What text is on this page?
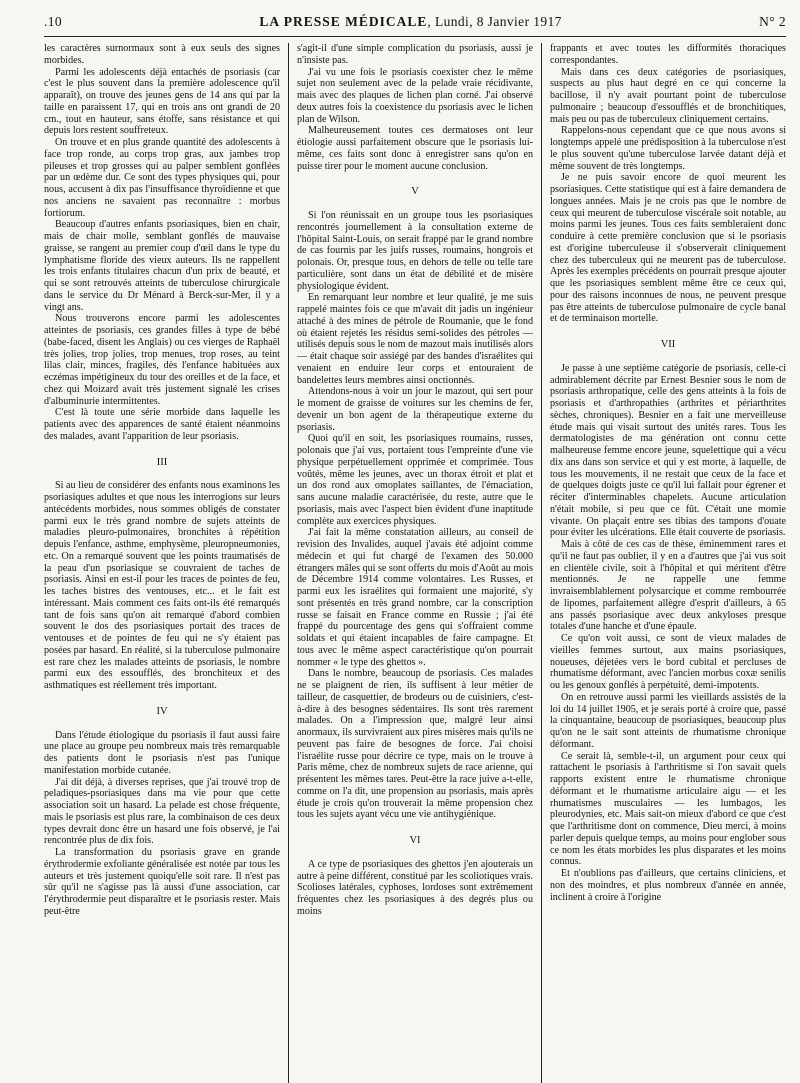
.10	LA PRESSE MÉDICALE, Lundi, 8 Janvier 1917	N° 2

les caractères surnormaux sont à eux seuls des signes morbides.

Parmi les adolescents déjà entachés de psoriasis (car c'est le plus souvent dans la première adolescence qu'il apparaît), on trouve des jeunes gens de 14 ans qui par la taille en paraissent 17, qui en trois ans ont grandi de 20 cm., tout en hauteur, sans étoffe, sans résistance et qui depuis lors restent souffreteux.

On trouve et en plus grande quantité des adolescents à face trop ronde, au corps trop gras, aux jambes trop pileuses et trop grosses qui au palper semblent gonflées par un œdème dur. Ce sont des types physiques qui, pour nous, accusent à dix pas l'insuffisance thyroïdienne et que nos anciens ne savaient pas reconnaître : morbus fortiorum.

Beaucoup d'autres enfants psoriasiques, bien en chair, mais de chair molle, semblant gonflés de mauvaise graisse, se rangent au premier coup d'œil dans le type du lymphatisme floride des vieux auteurs. Ils ne rappellent les trois enfants titulaires chacun d'un prix de beauté, et qui se sont retrouvés atteints de tuberculose chirurgicale dans le service du Dr Ménard à Berck-sur-Mer, il y a vingt ans.

Nous trouverons encore parmi les adolescentes atteintes de psoriasis, ces grandes filles à type de bébé (babe-faced, disent les Anglais) ou ces vierges de Raphaël très jolies, trop jolies, trop menues, trop roses, au teint lilas clair, minces, fragiles, dès l'enfance habituées aux eczémas impétigineux du tour des oreilles et de la face, et chez qui Moizard avait très justement signalé les crises d'albuminurie intermittentes.

C'est là toute une série morbide dans laquelle les patients avec des apparences de santé étaient néanmoins des malades, avant l'apparition de leur psoriasis.

III

Si au lieu de considérer des enfants nous examinons les psoriasiques adultes et que nous les interrogions sur leurs antécédents morbides, nous sommes obligés de constater parmi eux le très grand nombre de sujets atteints de maladies pleuro-pulmonaires, bronchites à répétition depuis l'enfance, asthme, emphysème, pleuropneumonies, etc. On a remarqué souvent que les points traumatisés de la peau d'un psoriasique se couvraient de taches de psoriasis. Ainsi en est-il pour les traces de pointes de feu, les taches bistres des ventouses, etc... et le fait est intéressant. Mais comment ces faits ont-ils été remarqués tant de fois sans qu'on ait remarqué d'abord combien souvent le dos des psoriasiques portait des traces de ventouses et de pointes de feu qui ne s'y étaient pas posées par hasard. En réalité, si la tuberculose pulmonaire est rare chez les malades atteints de psoriasis, le nombre parmi eux des essoufflés, des bronchiteux et des asthmatiques est réellement très important.

IV

Dans l'étude étiologique du psoriasis il faut aussi faire une place au groupe peu nombreux mais très remarquable des patients dont le psoriasis n'est pas l'unique manifestation morbide cutanée.

J'ai dit déjà, à diverses reprises, que j'ai trouvé trop de peladiques-psoriasiques dans ma vie pour que cette association soit un hasard. La pelade est chose fréquente, mais le psoriasis est plus rare, la combinaison de ces deux types devrait donc être un hasard une fois observé, je l'ai rencontrée plus de dix fois.

La transformation du psoriasis grave en grande érythrodermie exfoliante généralisée est notée par tous les auteurs et très justement quoiqu'elle soit rare. Il n'est pas sûr qu'il ne s'agisse pas là aussi d'une association, car l'érythrodermie peut disparaître et le psoriasis rester. Mais peut-être

s'agit-il d'une simple complication du psoriasis, aussi je n'insiste pas.

J'ai vu une fois le psoriasis coexister chez le même sujet non seulement avec de la pelade vraie récidivante, mais avec des plaques de lichen plan corné. J'ai observé deux autres fois la coexistence du psoriasis avec le lichen plan de Wilson.

Malheureusement toutes ces dermatoses ont leur étiologie aussi parfaitement obscure que le psoriasis lui-même, ces faits sont donc à enregistrer sans qu'on en puisse tirer pour le moment aucune conclusion.

V

Si l'on réunissait en un groupe tous les psoriasiques rencontrés journellement à la consultation externe de l'hôpital Saint-Louis, on serait frappé par le grand nombre de cas fournis par les juifs russes, roumains, hongrois et polonais. Or, presque tous, en dehors de telle ou telle tare particulière, sont dans un état de débilité et de misère physiologique évident.

En remarquant leur nombre et leur qualité, je me suis rappelé maintes fois ce que m'avait dit jadis un ingénieur attaché à des mines de pétrole de Roumanie, que le fond où étaient rejetés les résidus semi-solides des pétroles — utilisés depuis sous le nom de mazout mais inutilisés alors — était chaque soir assiégé par des bandes d'israélites qui venaient en enduire leur corps et entouraient de bandelettes leurs membres ainsi onctionnés.

Attendons-nous à voir un jour le mazout, qui sert pour le moment de graisse de voitures sur les chemins de fer, devenir un bon agent de la thérapeutique externe du psoriasis.

Quoi qu'il en soit, les psoriasiques roumains, russes, polonais que j'ai vus, portaient tous l'empreinte d'une vie physique perpétuellement opprimée et comprimée. Tous voûtés, même les jeunes, avec un thorax étroit et plat et un dos rond aux omoplates saillantes, de l'émaciation, sans aucune maladie caractérisée, du reste, autre que le psoriasis, mais avec l'aspect bien évident d'une inaptitude complète aux exercices physiques.

J'ai fait la même constatation ailleurs, au conseil de revision des Invalides, auquel j'avais été adjoint comme médecin et qui fut chargé de l'examen des 50.000 étrangers mâles qui se sont offerts du mois d'Août au mois de Décembre 1914 comme volontaires. Les Russes, et parmi eux les israélites qui formaient une majorité, s'y sont présentés en très grand nombre, car la conscription russe se faisait en France comme en Russie ; j'ai été frappé du pourcentage des gens qui s'offraient comme soldats et qui étaient incapables de faire campagne. Et tous avec le même aspect caractéristique qu'on pourrait nommer « le type des ghettos ».

Dans le nombre, beaucoup de psoriasis. Ces malades ne se plaignent de rien, ils suffisent à leur métier de tailleur, de casquettier, de brodeurs ou de cuisiniers, c'est-à-dire à des besognes sédentaires. Ils sont très rarement malades. On a l'impression que, malgré leur ainsi anormaux, ils survivraient aux pires misères mais qu'ils ne peuvent pas faire de besognes de force. J'ai choisi l'israélite russe pour décrire ce type, mais on le trouve à Paris même, chez de nombreux sujets de race arienne, qui présentent les mêmes tares. Peut-être la race juive a-t-elle, comme on l'a dit, une propension au psoriasis, mais après étude je crois qu'on trouverait la même propension chez tous les sujets ayant vécu une vie antihygiénique.

VI

A ce type de psoriasiques des ghettos j'en ajouterais un autre à peine différent, constitué par les scoliotiques vrais. Scolioses latérales, cyphoses, lordoses sont extrêmement fréquentes chez les psoriasiques à des degrés plus ou moins

frappants et avec toutes les difformités thoraciques correspondantes.

Mais dans ces deux catégories de psoriasiques, suspects au plus haut degré en ce qui concerne la bacillose, il n'y avait pourtant point de tuberculose pulmonaire ; beaucoup d'essoufflés et de bronchitiques, mais peu ou pas de tuberculeux cliniquement certains.

Rappelons-nous cependant que ce que nous avons si longtemps appelé une prédisposition à la tuberculose n'est le plus souvent qu'une tuberculose larvée datant déjà et même souvent de très longtemps.

Je ne puis savoir encore de quoi meurent les psoriasiques. Cette statistique qui est à faire demandera de longues années. Mais je ne crois pas que le nombre de ceux qui meurent de tuberculose viscérale soit notable, au moins parmi les jeunes. Tous ces faits sembleraient donc conduire à cette première conclusion que si le psoriasis est d'origine tuberculeuse il s'observerait cliniquement chez des tuberculeux qui ne meurent pas de tuberculose. Après les exemples précédents on pourrait presque ajouter que les psoriasiques semblent même être ce ceux qui, pour des raisons inconnues de nous, ne peuvent presque pas être atteints de tuberculose pulmonaire de cycle banal et de terminaison mortelle.

VII

Je passe à une septième catégorie de psoriasis, celle-ci admirablement décrite par Ernest Besnier sous le nom de psoriasis arthropatique, celle des gens atteints à la fois de psoriasis et d'arthropathies (arthrites et périarthrites sèches, chroniques). Besnier en a fait une merveilleuse étude mais qui visait surtout des unités rares. Tous les dermatologistes de ma génération ont connu cette malheureuse femme encore jeune, squelettique qui a vécu dix ans dans son service et qui y est morte, à laquelle, de tous les mouvements, il ne restait que ceux de la face et de quelques doigts juste ce qu'il lui fallait pour égrener et réciter d'interminables chapelets. Aucune articulation n'était mobile, si peu que ce fût. C'était une momie vivante. On plaçait entre ses tibias des tampons d'ouate pour éviter les ulcérations. Elle était couverte de psoriasis.

Mais à côté de ces cas de thèse, éminemment rares et qu'il ne faut pas oublier, il y en a d'autres que j'ai vus soit en clientèle civile, soit à l'hôpital et qui méritent d'être mentionnés. Je ne rappelle une femme invraisemblablement polysarcique et comme rembourrée de lipomes, parfaitement allègre d'esprit d'ailleurs, à 65 ans passés psoriasique avec deux ankyloses presque totales d'une hanche et d'une épaule.

Ce qu'on voit aussi, ce sont de vieux malades de vieilles femmes surtout, aux mains psoriasiques, noueuses, déjetées vers le bord cubital et percluses de rhumatisme déformant, avec l'ancien morbus coxæ senilis ou les genoux gonflés à perpétuité, demi-impotents.

On en retrouve aussi parmi les vieillards assistés de la loi du 14 juillet 1905, et je serais porté à croire que, passé la cinquantaine, beaucoup de psoriasiques, beaucoup plus qu'on ne le sait sont atteints de rhumatisme chronique déformant.

Ce serait là, semble-t-il, un argument pour ceux qui rattachent le psoriasis à l'arthritisme si l'on savait quels rapports existent entre le rhumatisme chronique déformant et le rhumatisme articulaire aigu — et les rhumatismes musculaires — les lumbagos, les pleurodynies, etc. Mais sait-on mieux d'abord ce que c'est que l'arthritisme dont on commence, Dieu merci, à moins parler depuis quelque temps, au moins pour englober sous ce nom les états morbides les plus disparates et les moins connus.

Et n'oublions pas d'ailleurs, que certains cliniciens, et non des moindres, et plus nombreux d'année en année, inclinent à croire à l'origine
